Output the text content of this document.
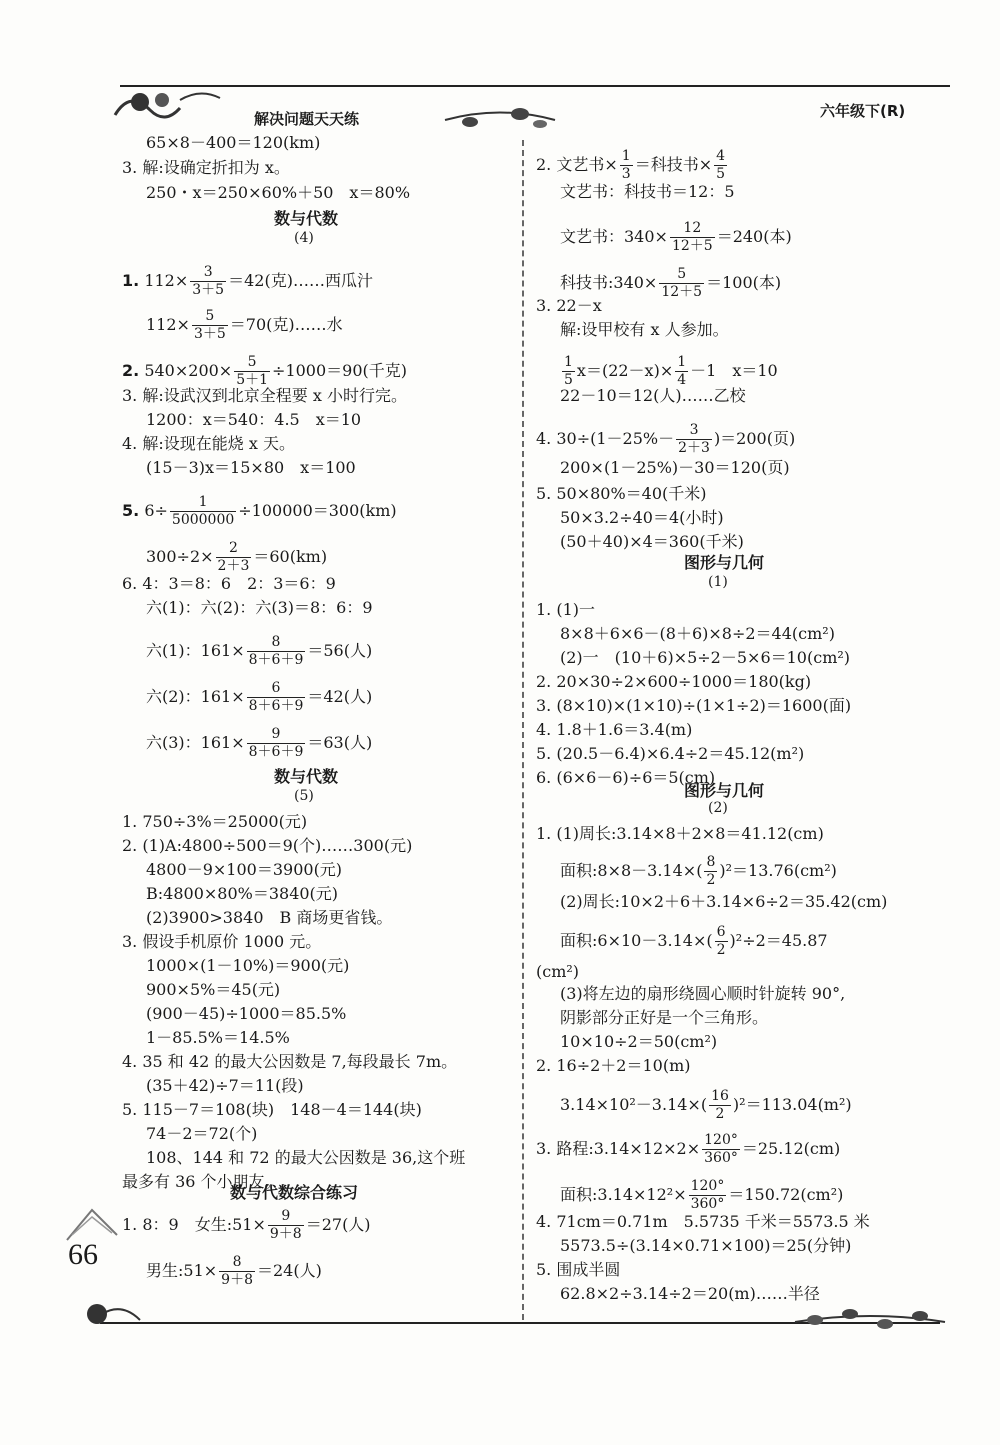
解决问题天天练	六年级下(R)
65×8－400＝120(km)
3. 解:设确定折扣为 x。
250・x＝250×60%＋50　x＝80%
数与代数
(4)
1. $112\times \frac{3}{3+5} =42$(克)……西瓜汁
$112\times \frac{5}{3+5} =70$(克)……水
2. $540\times 200\times \frac{5}{5+1} \div 1000=90$(千克)
3. 解:设武汉到北京全程要 x 小时行完。
1200：x＝540：4.5　x＝10
4. 解:设现在能烧 x 天。
(15－3)x＝15×80　x＝100
5. $6\div \frac{1}{5000000} \div 100000=300(km)$
$300\div 2\times \frac{2}{2+3} =60(km)$
6. 4：3＝8：6　2：3＝6：9
六(1)：六(2)：六(3)＝8：6：9
六(1)：$161\times \frac{8}{8+6+9} =56$(人)
六(2)：$161\times \frac{6}{8+6+9} =42$(人)
六(3)：$161\times \frac{9}{8+6+9} =63$(人)
数与代数
(5)
1. 750÷3%＝25000(元)
2. (1)A:4800÷500＝9(个)……300(元)
4800－9×100＝3900(元)
B:4800×80%＝3840(元)
(2)3900>3840　B 商场更省钱。
3. 假设手机原价 1000 元。
1000×(1－10%)＝900(元)
900×5%＝45(元)
(900－45)÷1000＝85.5%
1－85.5%＝14.5%
4. 35 和 42 的最大公因数是 7,每段最长 7m。
(35＋42)÷7＝11(段)
5. 115－7＝108(块)　148－4＝144(块)
74－2＝72(个)
108、144 和 72 的最大公因数是 36,这个班
最多有 36 个小朋友。
数与代数综合练习
1. 8：9　女生:51× $\frac{9}{9+8} =27$(人)
男生:51× $\frac{8}{9+8} =24$(人)
2. 文艺书× $\frac{1}{3}$ ＝科技书× $\frac{4}{5}$
文艺书：科技书＝12：5
文艺书：$340\times \frac{12}{12+5} =240$(本)
科技书:340× $\frac{5}{12+5} =100$(本)
3. 22－x
解:设甲校有 x 人参加。
$\frac{1}{5} x=(22-x)\times \frac{1}{4} -1$　x＝10
22－10＝12(人)……乙校
4. $30\div(1-25\%- \frac{3}{2+3} )=200$(页)
200×(1－25%)－30＝120(页)
5. 50×80%＝40(千米)
50×3.2÷40＝4(小时)
(50＋40)×4＝360(千米)
图形与几何
(1)
1. (1)一
8×8＋6×6－(8＋6)×8÷2＝44(cm²)
(2)一　(10＋6)×5÷2－5×6＝10(cm²)
2. 20×30÷2×600÷1000＝180(kg)
3. (8×10)×(1×10)÷(1×1÷2)＝1600(面)
4. 1.8＋1.6＝3.4(m)
5. (20.5－6.4)×6.4÷2＝45.12(m²)
6. (6×6－6)÷6＝5(cm)
图形与几何
(2)
1. (1)周长:3.14×8＋2×8＝41.12(cm)
面积:8×8－3.14×( $\frac{8}{2} )^2=13.76(cm^2)$
(2)周长:10×2＋6＋3.14×6÷2＝35.42(cm)
面积:6×10－3.14×( $\frac{6}{2} )^2\div 2=45.87$
(cm²)
(3)将左边的扇形绕圆心顺时针旋转 90°,
阴影部分正好是一个三角形。
10×10÷2＝50(cm²)
2. 16÷2＋2＝10(m)
$3.14\times 10^2-3.14\times( \frac{16}{2} )^2=113.04(m^2)$
3. 路程:3.14×12×2× $\frac{120^\circ}{360^\circ} =25.12(cm)$
面积:3.14×12²× $\frac{120^\circ}{360^\circ} =150.72(cm^2)$
4. 71cm＝0.71m　5.5735 千米＝5573.5 米
5573.5÷(3.14×0.71×100)＝25(分钟)
5. 围成半圆
62.8×2÷3.14÷2＝20(m)……半径
66
